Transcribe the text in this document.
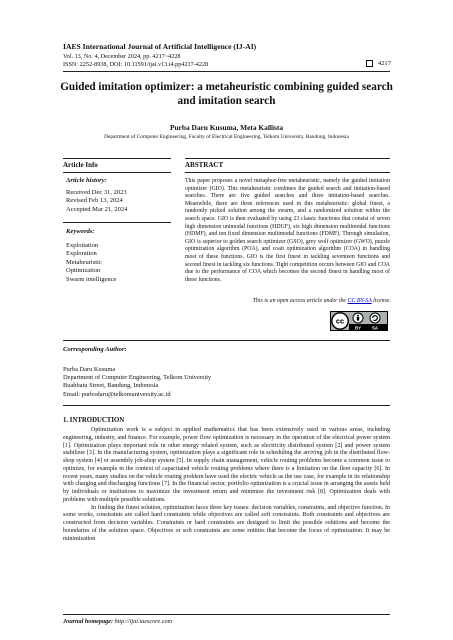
IAES International Journal of Artificial Intelligence (IJ-AI)
Vol. 13, No. 4, December 2024, pp. 4217~4228
ISSN: 2252-8938, DOI: 10.11591/ijai.v13.i4.pp4217-4228	4217
Guided imitation optimizer: a metaheuristic combining guided search and imitation search
Purba Daru Kusuma, Meta Kallista
Department of Computer Engineering, Faculty of Electrical Engineering, Telkom University, Bandung, Indonesia
Article Info	ABSTRACT
Article history:
Received Dec 31, 2023
Revised Feb 13, 2024
Accepted Mar 21, 2024
Keywords:
Exploitation
Exploration
Metaheuristic
Optimization
Swarm intelligence
This paper proposes a novel metaphor-free metaheuristic, namely the guided imitation optimizer (GIO). This metaheuristic combines the guided search and imitation-based searches. There are five guided searches and three imitation-based searches. Meanwhile, there are three references used in this metaheuristic: global finest, a randomly picked solution among the swarm, and a randomized solution within the search space. GIO is then evaluated by using 23 classic functions that consist of seven high dimension unimodal functions (HDUF), six high dimension multimodal functions (HDMF), and ten fixed dimension multimodal functions (FDMF). Through simulation, GIO is superior to golden search optimizer (GSO), grey wolf optimizer (GWO), puzzle optimization algorithm (POA), and coati optimization algorithm (COA) in handling most of these functions. GIO is the first finest in tackling seventeen functions and second finest in tackling six functions. Tight competition occurs between GIO and COA due to the performance of COA which becomes the second finest in handling most of these functions.
This is an open access article under the CC BY-SA license.
cc
BY SA
Corresponding Author:
Purba Daru Kusuma
Department of Computer Engineering, Telkom University
Buahbatu Street, Bandung, Indonesia
Email: purbodaru@telkomuniversity.ac.id
1. INTRODUCTION

Optimization work is a subject in applied mathematics that has been extensively used in various areas, including engineering, industry, and finance. For example, power flow optimization is necessary in the operation of the electrical power system [1]. Optimization plays important role in other energy related system, such as electricity distributed system [2] and power system stabilizer [3]. In the manufacturing system, optimization plays a significant role in scheduling the arriving job in the distributed flow-shop system [4] or assembly job-shop system [5]. In supply chain management, vehicle routing problems become a common issue to optimize, for example in the context of capacitated vehicle routing problems where there is a limitation on the fleet capacity [6]. In recent years, many studies on the vehicle routing problem have used the electric vehicle as the use case, for example in its relationship with charging and discharging functions [7]. In the financial sector, portfolio optimization is a crucial issue in arranging the assets held by individuals or institutions to maximize the investment return and minimize the investment risk [8]. Optimization deals with problems with multiple possible solutions.

In finding the finest solution, optimization faces three key issues: decision variables, constraints, and objective function. In some works, constraints are called hard constraints while objectives are called soft constraints. Both constraints and objectives are constructed from decision variables. Constraints or hard constraints are designed to limit the possible solutions and become the boundaries of the solution space. Objectives or soft constraints are some entities that become the focus of optimization. It may be minimization

Journal homepage: http://ijai.iaescore.com
